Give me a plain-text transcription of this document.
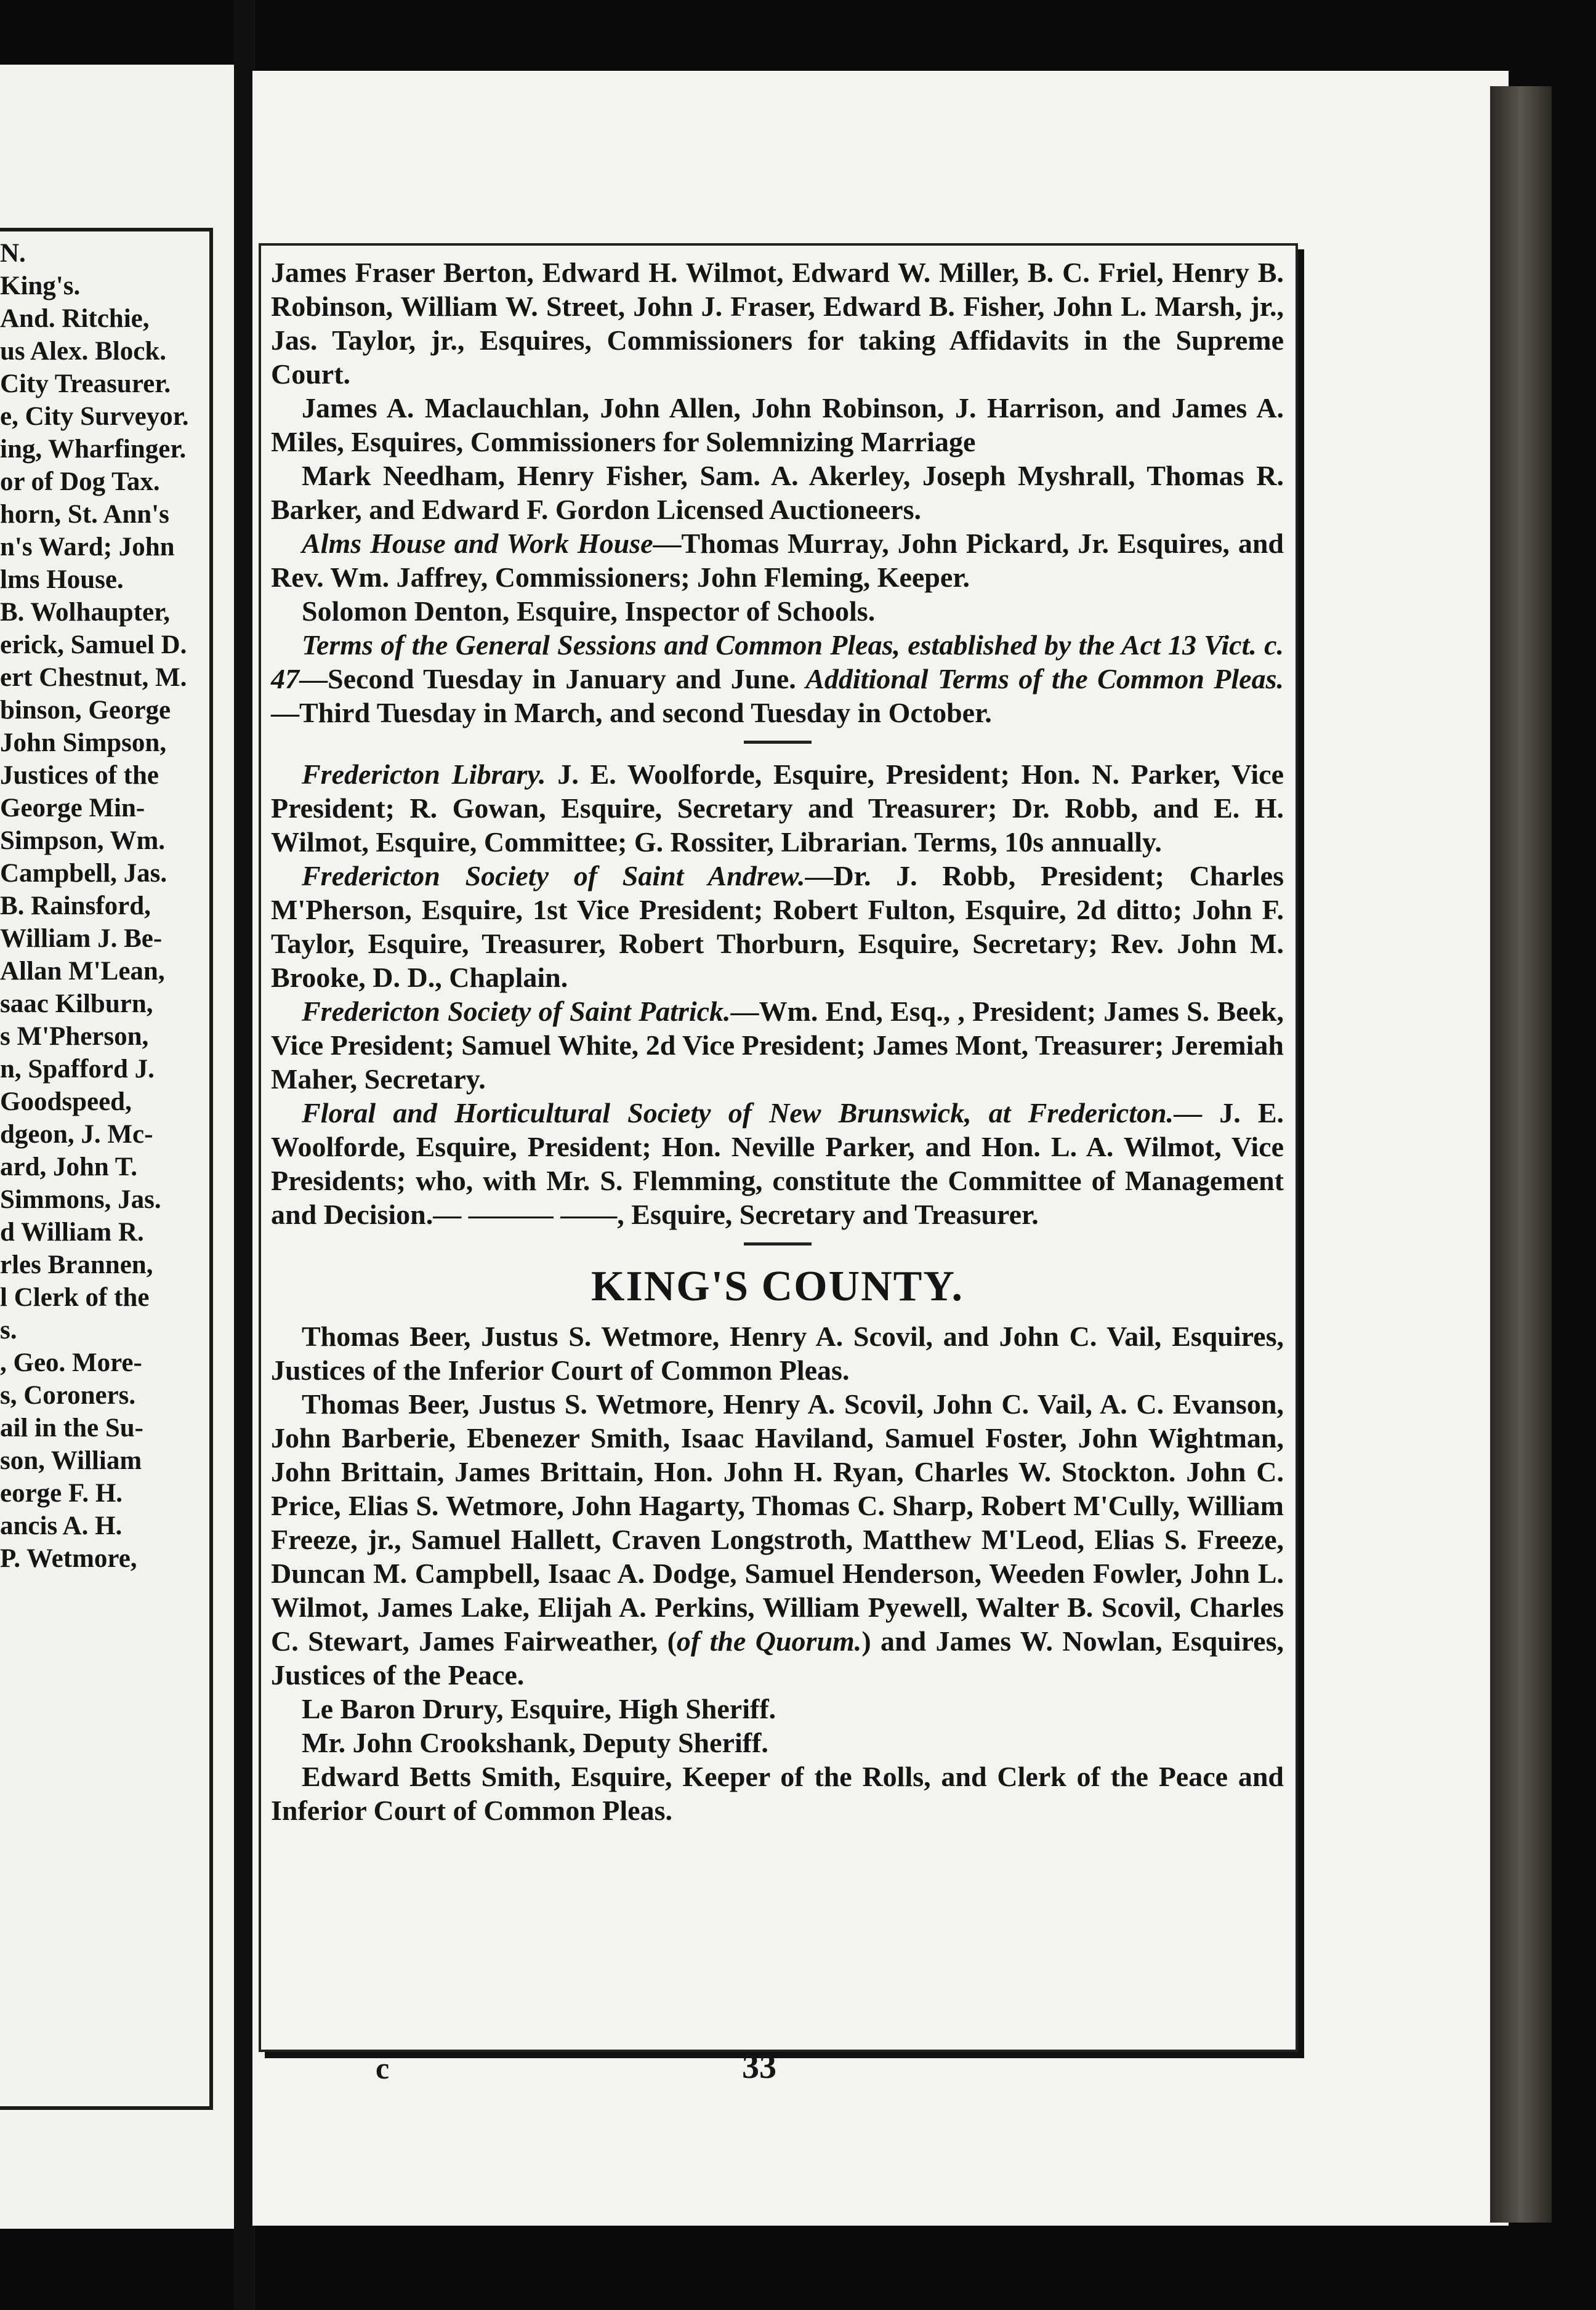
N.
King's.
And. Ritchie,
us Alex. Block.
City Treasurer.
e, City Surveyor.
ing, Wharfinger.
or of Dog Tax.
horn, St. Ann's
n's Ward; John
lms House.
B. Wolhaupter,
erick, Samuel D.
ert Chestnut, M.
binson, George
John Simpson,
Justices of the
George Min-
Simpson, Wm.
Campbell, Jas.
B. Rainsford,
William J. Be-
Allan M'Lean,
saac Kilburn,
s M'Pherson,
n, Spafford J.
Goodspeed,
dgeon, J. Mc-
ard, John T.
Simmons, Jas.
d William R.
rles Brannen,
l Clerk of the
s.
, Geo. More-
s, Coroners.
ail in the Su-
son, William
eorge F. H.
ancis A. H.
P. Wetmore,

James Fraser Berton, Edward H. Wilmot, Edward W. Miller, B. C. Friel, Henry B. Robinson, William W. Street, John J. Fraser, Edward B. Fisher, John L. Marsh, jr., Jas. Taylor, jr., Esquires, Commissioners for taking Affidavits in the Supreme Court.

James A. Maclauchlan, John Allen, John Robinson, J. Harrison, and James A. Miles, Esquires, Commissioners for Solemnizing Marriage

Mark Needham, Henry Fisher, Sam. A. Akerley, Joseph Myshrall, Thomas R. Barker, and Edward F. Gordon Licensed Auctioneers.

Alms House and Work House—Thomas Murray, John Pickard, Jr. Esquires, and Rev. Wm. Jaffrey, Commissioners; John Fleming, Keeper.

Solomon Denton, Esquire, Inspector of Schools.

Terms of the General Sessions and Common Pleas, established by the Act 13 Vict. c. 47—Second Tuesday in January and June. Additional Terms of the Common Pleas.—Third Tuesday in March, and second Tuesday in October.

Fredericton Library. J. E. Woolforde, Esquire, President; Hon. N. Parker, Vice President; R. Gowan, Esquire, Secretary and Treasurer; Dr. Robb, and E. H. Wilmot, Esquire, Committee; G. Rossiter, Librarian. Terms, 10s annually.

Fredericton Society of Saint Andrew.—Dr. J. Robb, President; Charles M'Pherson, Esquire, 1st Vice President; Robert Fulton, Esquire, 2d ditto; John F. Taylor, Esquire, Treasurer, Robert Thorburn, Esquire, Secretary; Rev. John M. Brooke, D. D., Chaplain.

Fredericton Society of Saint Patrick.—Wm. End, Esq., , President; James S. Beek, Vice President; Samuel White, 2d Vice President; James Mont, Treasurer; Jeremiah Maher, Secretary.

Floral and Horticultural Society of New Brunswick, at Fredericton.— J. E. Woolforde, Esquire, President; Hon. Neville Parker, and Hon. L. A. Wilmot, Vice Presidents; who, with Mr. S. Flemming, constitute the Committee of Management and Decision.— ——— ——, Esquire, Secretary and Treasurer.

KING'S COUNTY.

Thomas Beer, Justus S. Wetmore, Henry A. Scovil, and John C. Vail, Esquires, Justices of the Inferior Court of Common Pleas.

Thomas Beer, Justus S. Wetmore, Henry A. Scovil, John C. Vail, A. C. Evanson, John Barberie, Ebenezer Smith, Isaac Haviland, Samuel Foster, John Wightman, John Brittain, James Brittain, Hon. John H. Ryan, Charles W. Stockton. John C. Price, Elias S. Wetmore, John Hagarty, Thomas C. Sharp, Robert M'Cully, William Freeze, jr., Samuel Hallett, Craven Longstroth, Matthew M'Leod, Elias S. Freeze, Duncan M. Campbell, Isaac A. Dodge, Samuel Henderson, Weeden Fowler, John L. Wilmot, James Lake, Elijah A. Perkins, William Pyewell, Walter B. Scovil, Charles C. Stewart, James Fairweather, (of the Quorum.) and James W. Nowlan, Esquires, Justices of the Peace.

Le Baron Drury, Esquire, High Sheriff.

Mr. John Crookshank, Deputy Sheriff.

Edward Betts Smith, Esquire, Keeper of the Rolls, and Clerk of the Peace and Inferior Court of Common Pleas.

c	33
